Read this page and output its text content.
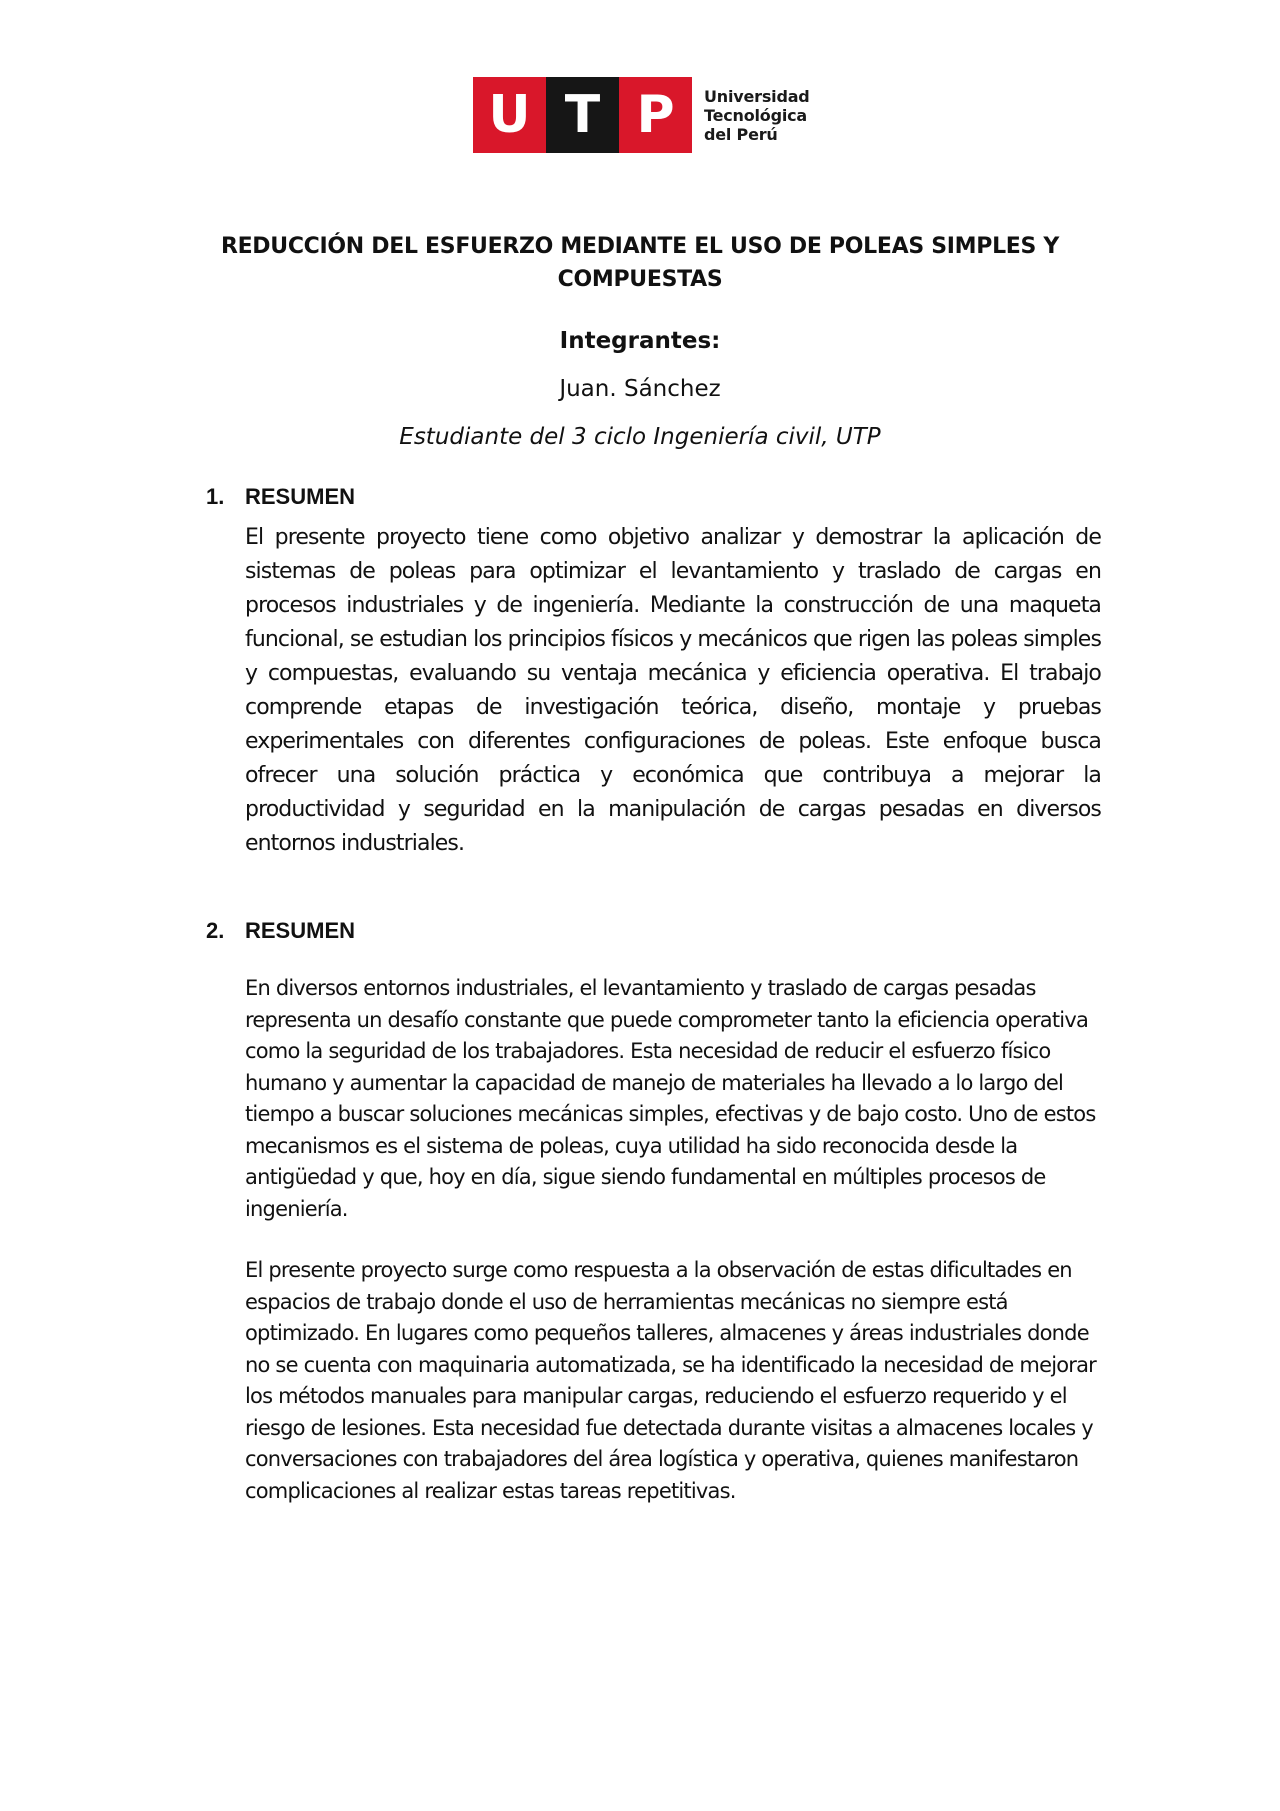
U T P	Universidad
Tecnológica
del Perú
REDUCCIÓN DEL ESFUERZO MEDIANTE EL USO DE POLEAS SIMPLES Y COMPUESTAS
Integrantes:
Juan. Sánchez
Estudiante del 3 ciclo Ingeniería civil, UTP
1. RESUMEN

El presente proyecto tiene como objetivo analizar y demostrar la aplicación de sistemas de poleas para optimizar el levantamiento y traslado de cargas en procesos industriales y de ingeniería. Mediante la construcción de una maqueta funcional, se estudian los principios físicos y mecánicos que rigen las poleas simples y compuestas, evaluando su ventaja mecánica y eficiencia operativa. El trabajo comprende etapas de investigación teórica, diseño, montaje y pruebas experimentales con diferentes configuraciones de poleas. Este enfoque busca ofrecer una solución práctica y económica que contribuya a mejorar la productividad y seguridad en la manipulación de cargas pesadas en diversos entornos industriales.

2. RESUMEN

En diversos entornos industriales, el levantamiento y traslado de cargas pesadas representa un desafío constante que puede comprometer tanto la eficiencia operativa como la seguridad de los trabajadores. Esta necesidad de reducir el esfuerzo físico humano y aumentar la capacidad de manejo de materiales ha llevado a lo largo del tiempo a buscar soluciones mecánicas simples, efectivas y de bajo costo. Uno de estos mecanismos es el sistema de poleas, cuya utilidad ha sido reconocida desde la antigüedad y que, hoy en día, sigue siendo fundamental en múltiples procesos de ingeniería.

El presente proyecto surge como respuesta a la observación de estas dificultades en espacios de trabajo donde el uso de herramientas mecánicas no siempre está optimizado. En lugares como pequeños talleres, almacenes y áreas industriales donde no se cuenta con maquinaria automatizada, se ha identificado la necesidad de mejorar los métodos manuales para manipular cargas, reduciendo el esfuerzo requerido y el riesgo de lesiones. Esta necesidad fue detectada durante visitas a almacenes locales y conversaciones con trabajadores del área logística y operativa, quienes manifestaron complicaciones al realizar estas tareas repetitivas.
